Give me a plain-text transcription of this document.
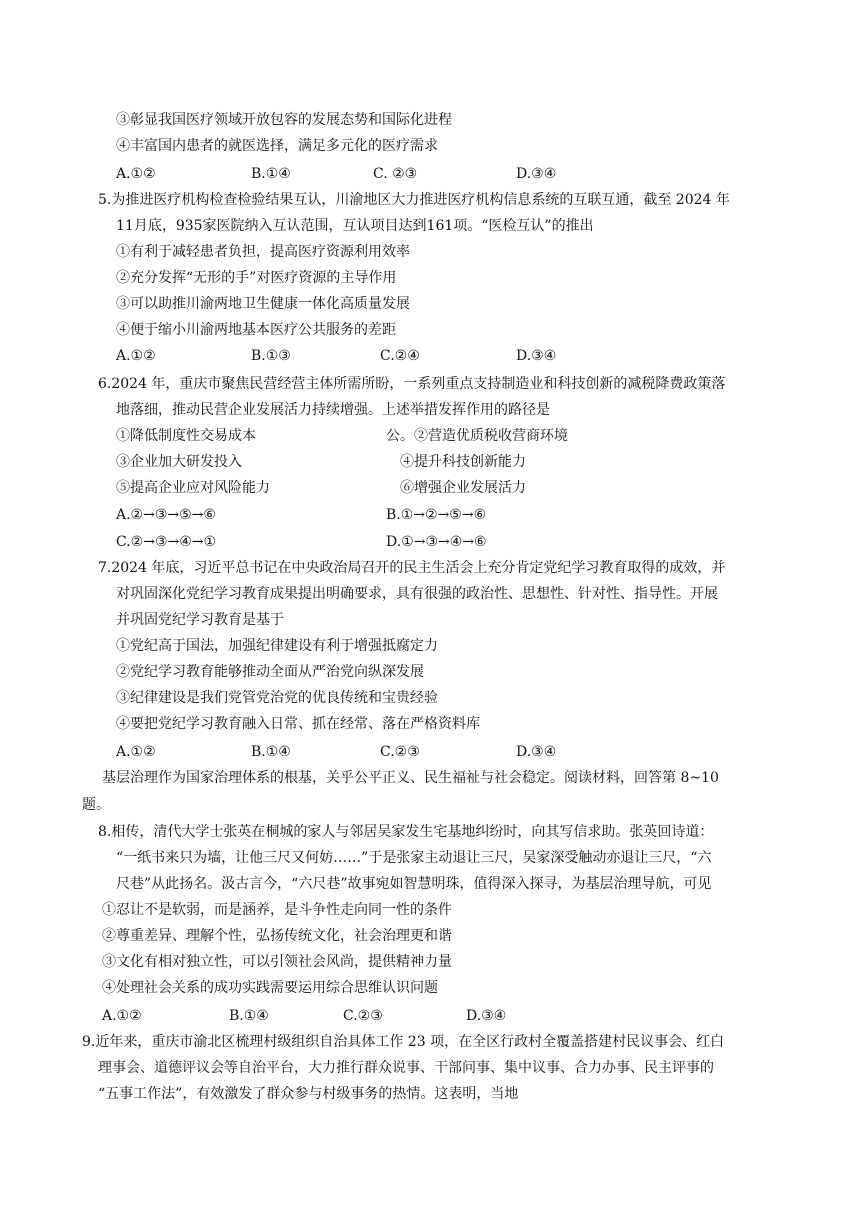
③彰显我国医疗领域开放包容的发展态势和国际化进程
④丰富国内患者的就医选择，满足多元化的医疗需求
A.①②	B.①④	C. ②③	D.③④
5.为推进医疗机构检查检验结果互认，川渝地区大力推进医疗机构信息系统的互联互通，截至 2024 年
11月底，935家医院纳入互认范围，互认项目达到161项。“医检互认”的推出
①有利于减轻患者负担，提高医疗资源利用效率
②充分发挥“无形的手”对医疗资源的主导作用
③可以助推川渝两地卫生健康一体化高质量发展
④便于缩小川渝两地基本医疗公共服务的差距
A.①②	B.①③	C.②④	D.③④
6.2024 年，重庆市聚焦民营经营主体所需所盼，一系列重点支持制造业和科技创新的减税降费政策落
地落细，推动民营企业发展活力持续增强。上述举措发挥作用的路径是
①降低制度性交易成本	公。②营造优质税收营商环境
③企业加大研发投入	④提升科技创新能力
⑤提高企业应对风险能力	⑥增强企业发展活力
A.②→③→⑤→⑥	B.①→②→⑤→⑥
C.②→③→④→①	D.①→③→④→⑥
7.2024 年底，习近平总书记在中央政治局召开的民主生活会上充分肯定党纪学习教育取得的成效，并
对巩固深化党纪学习教育成果提出明确要求，具有很强的政治性、思想性、针对性、指导性。开展
并巩固党纪学习教育是基于
①党纪高于国法，加强纪律建设有利于增强抵腐定力
②党纪学习教育能够推动全面从严治党向纵深发展
③纪律建设是我们党管党治党的优良传统和宝贵经验
④要把党纪学习教育融入日常、抓在经常、落在严格资料库
A.①②	B.①④	C.②③	D.③④
基层治理作为国家治理体系的根基，关乎公平正义、民生福祉与社会稳定。阅读材料，回答第 8~10
题。
8.相传，清代大学士张英在桐城的家人与邻居吴家发生宅基地纠纷时，向其写信求助。张英回诗道：
“一纸书来只为墙，让他三尺又何妨……”于是张家主动退让三尺，吴家深受触动亦退让三尺，“六
尺巷”从此扬名。汲古言今，“六尺巷”故事宛如智慧明珠，值得深入探寻，为基层治理导航，可见
①忍让不是软弱，而是涵养，是斗争性走向同一性的条件
②尊重差异、理解个性，弘扬传统文化，社会治理更和谐
③文化有相对独立性，可以引领社会风尚，提供精神力量
④处理社会关系的成功实践需要运用综合思维认识问题
A.①②	B.①④	C.②③	D.③④
9.近年来，重庆市渝北区梳理村级组织自治具体工作 23 项，在全区行政村全覆盖搭建村民议事会、红白
理事会、道德评议会等自治平台，大力推行群众说事、干部问事、集中议事、合力办事、民主评事的
“五事工作法”，有效激发了群众参与村级事务的热情。这表明，当地
